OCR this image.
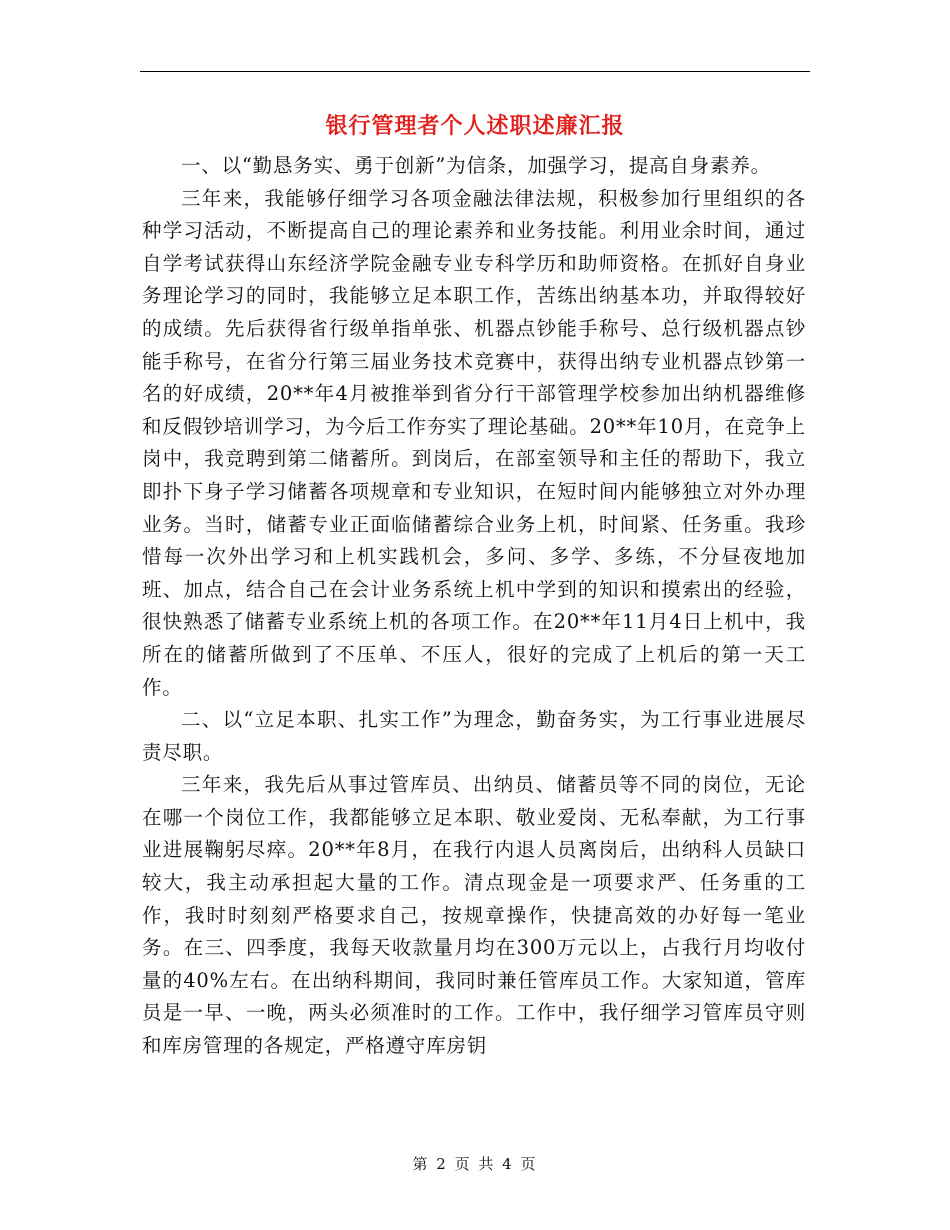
银行管理者个人述职述廉汇报

一、以“勤恳务实、勇于创新”为信条，加强学习，提高自身素养。

三年来，我能够仔细学习各项金融法律法规，积极参加行里组织的各种学习活动，不断提高自己的理论素养和业务技能。利用业余时间，通过自学考试获得山东经济学院金融专业专科学历和助师资格。在抓好自身业务理论学习的同时，我能够立足本职工作，苦练出纳基本功，并取得较好的成绩。先后获得省行级单指单张、机器点钞能手称号、总行级机器点钞能手称号，在省分行第三届业务技术竞赛中，获得出纳专业机器点钞第一名的好成绩，20**年4月被推举到省分行干部管理学校参加出纳机器维修和反假钞培训学习，为今后工作夯实了理论基础。20**年10月，在竞争上岗中，我竞聘到第二储蓄所。到岗后，在部室领导和主任的帮助下，我立即扑下身子学习储蓄各项规章和专业知识，在短时间内能够独立对外办理业务。当时，储蓄专业正面临储蓄综合业务上机，时间紧、任务重。我珍惜每一次外出学习和上机实践机会，多问、多学、多练，不分昼夜地加班、加点，结合自己在会计业务系统上机中学到的知识和摸索出的经验，很快熟悉了储蓄专业系统上机的各项工作。在20**年11月4日上机中，我所在的储蓄所做到了不压单、不压人，很好的完成了上机后的第一天工作。

二、以“立足本职、扎实工作”为理念，勤奋务实，为工行事业进展尽责尽职。

三年来，我先后从事过管库员、出纳员、储蓄员等不同的岗位，无论在哪一个岗位工作，我都能够立足本职、敬业爱岗、无私奉献，为工行事业进展鞠躬尽瘁。20**年8月，在我行内退人员离岗后，出纳科人员缺口较大，我主动承担起大量的工作。清点现金是一项要求严、任务重的工作，我时时刻刻严格要求自己，按规章操作，快捷高效的办好每一笔业务。在三、四季度，我每天收款量月均在300万元以上，占我行月均收付量的40%左右。在出纳科期间，我同时兼任管库员工作。大家知道，管库员是一早、一晚，两头必须准时的工作。工作中，我仔细学习管库员守则和库房管理的各规定，严格遵守库房钥

第 2 页 共 4 页
